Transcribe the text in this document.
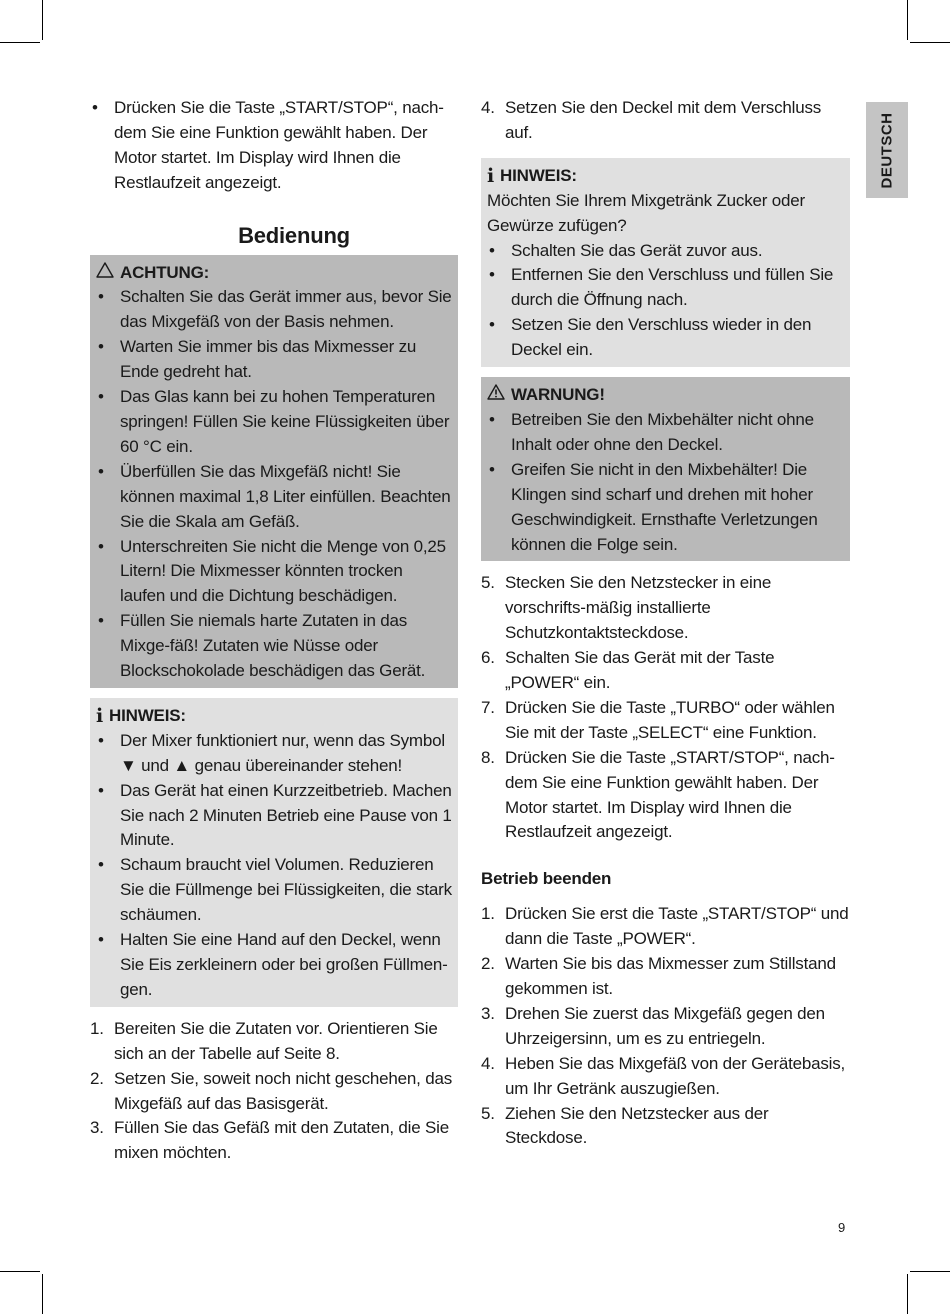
• Drücken Sie die Taste „START/STOP“, nach-dem Sie eine Funktion gewählt haben. Der Motor startet. Im Display wird Ihnen die Restlaufzeit angezeigt.
Bedienung
ACHTUNG:
• Schalten Sie das Gerät immer aus, bevor Sie das Mixgefäß von der Basis nehmen.
• Warten Sie immer bis das Mixmesser zu Ende gedreht hat.
• Das Glas kann bei zu hohen Temperaturen springen! Füllen Sie keine Flüssigkeiten über 60 °C ein.
• Überfüllen Sie das Mixgefäß nicht! Sie können maximal 1,8 Liter einfüllen. Beachten Sie die Skala am Gefäß.
• Unterschreiten Sie nicht die Menge von 0,25 Litern! Die Mixmesser könnten trocken laufen und die Dichtung beschädigen.
• Füllen Sie niemals harte Zutaten in das Mixge-fäß! Zutaten wie Nüsse oder Blockschokolade beschädigen das Gerät.
i HINWEIS:
• Der Mixer funktioniert nur, wenn das Symbol ▼ und ▲ genau übereinander stehen!
• Das Gerät hat einen Kurzzeitbetrieb. Machen Sie nach 2 Minuten Betrieb eine Pause von 1 Minute.
• Schaum braucht viel Volumen. Reduzieren Sie die Füllmenge bei Flüssigkeiten, die stark schäumen.
• Halten Sie eine Hand auf den Deckel, wenn Sie Eis zerkleinern oder bei großen Füllmen-gen.
1. Bereiten Sie die Zutaten vor. Orientieren Sie sich an der Tabelle auf Seite 8.
2. Setzen Sie, soweit noch nicht geschehen, das Mixgefäß auf das Basisgerät.
3. Füllen Sie das Gefäß mit den Zutaten, die Sie mixen möchten.
4. Setzen Sie den Deckel mit dem Verschluss auf.
i HINWEIS:
Möchten Sie Ihrem Mixgetränk Zucker oder Gewürze zufügen?
• Schalten Sie das Gerät zuvor aus.
• Entfernen Sie den Verschluss und füllen Sie durch die Öffnung nach.
• Setzen Sie den Verschluss wieder in den Deckel ein.
WARNUNG!
• Betreiben Sie den Mixbehälter nicht ohne Inhalt oder ohne den Deckel.
• Greifen Sie nicht in den Mixbehälter! Die Klingen sind scharf und drehen mit hoher Geschwindigkeit. Ernsthafte Verletzungen können die Folge sein.
5. Stecken Sie den Netzstecker in eine vorschrifts-mäßig installierte Schutzkontaktsteckdose.
6. Schalten Sie das Gerät mit der Taste „POWER“ ein.
7. Drücken Sie die Taste „TURBO“ oder wählen Sie mit der Taste „SELECT“ eine Funktion.
8. Drücken Sie die Taste „START/STOP“, nach-dem Sie eine Funktion gewählt haben. Der Motor startet. Im Display wird Ihnen die Restlaufzeit angezeigt.
Betrieb beenden
1. Drücken Sie erst die Taste „START/STOP“ und dann die Taste „POWER“.
2. Warten Sie bis das Mixmesser zum Stillstand gekommen ist.
3. Drehen Sie zuerst das Mixgefäß gegen den Uhrzeigersinn, um es zu entriegeln.
4. Heben Sie das Mixgefäß von der Gerätebasis, um Ihr Getränk auszugießen.
5. Ziehen Sie den Netzstecker aus der Steckdose.
DEUTSCH
9
